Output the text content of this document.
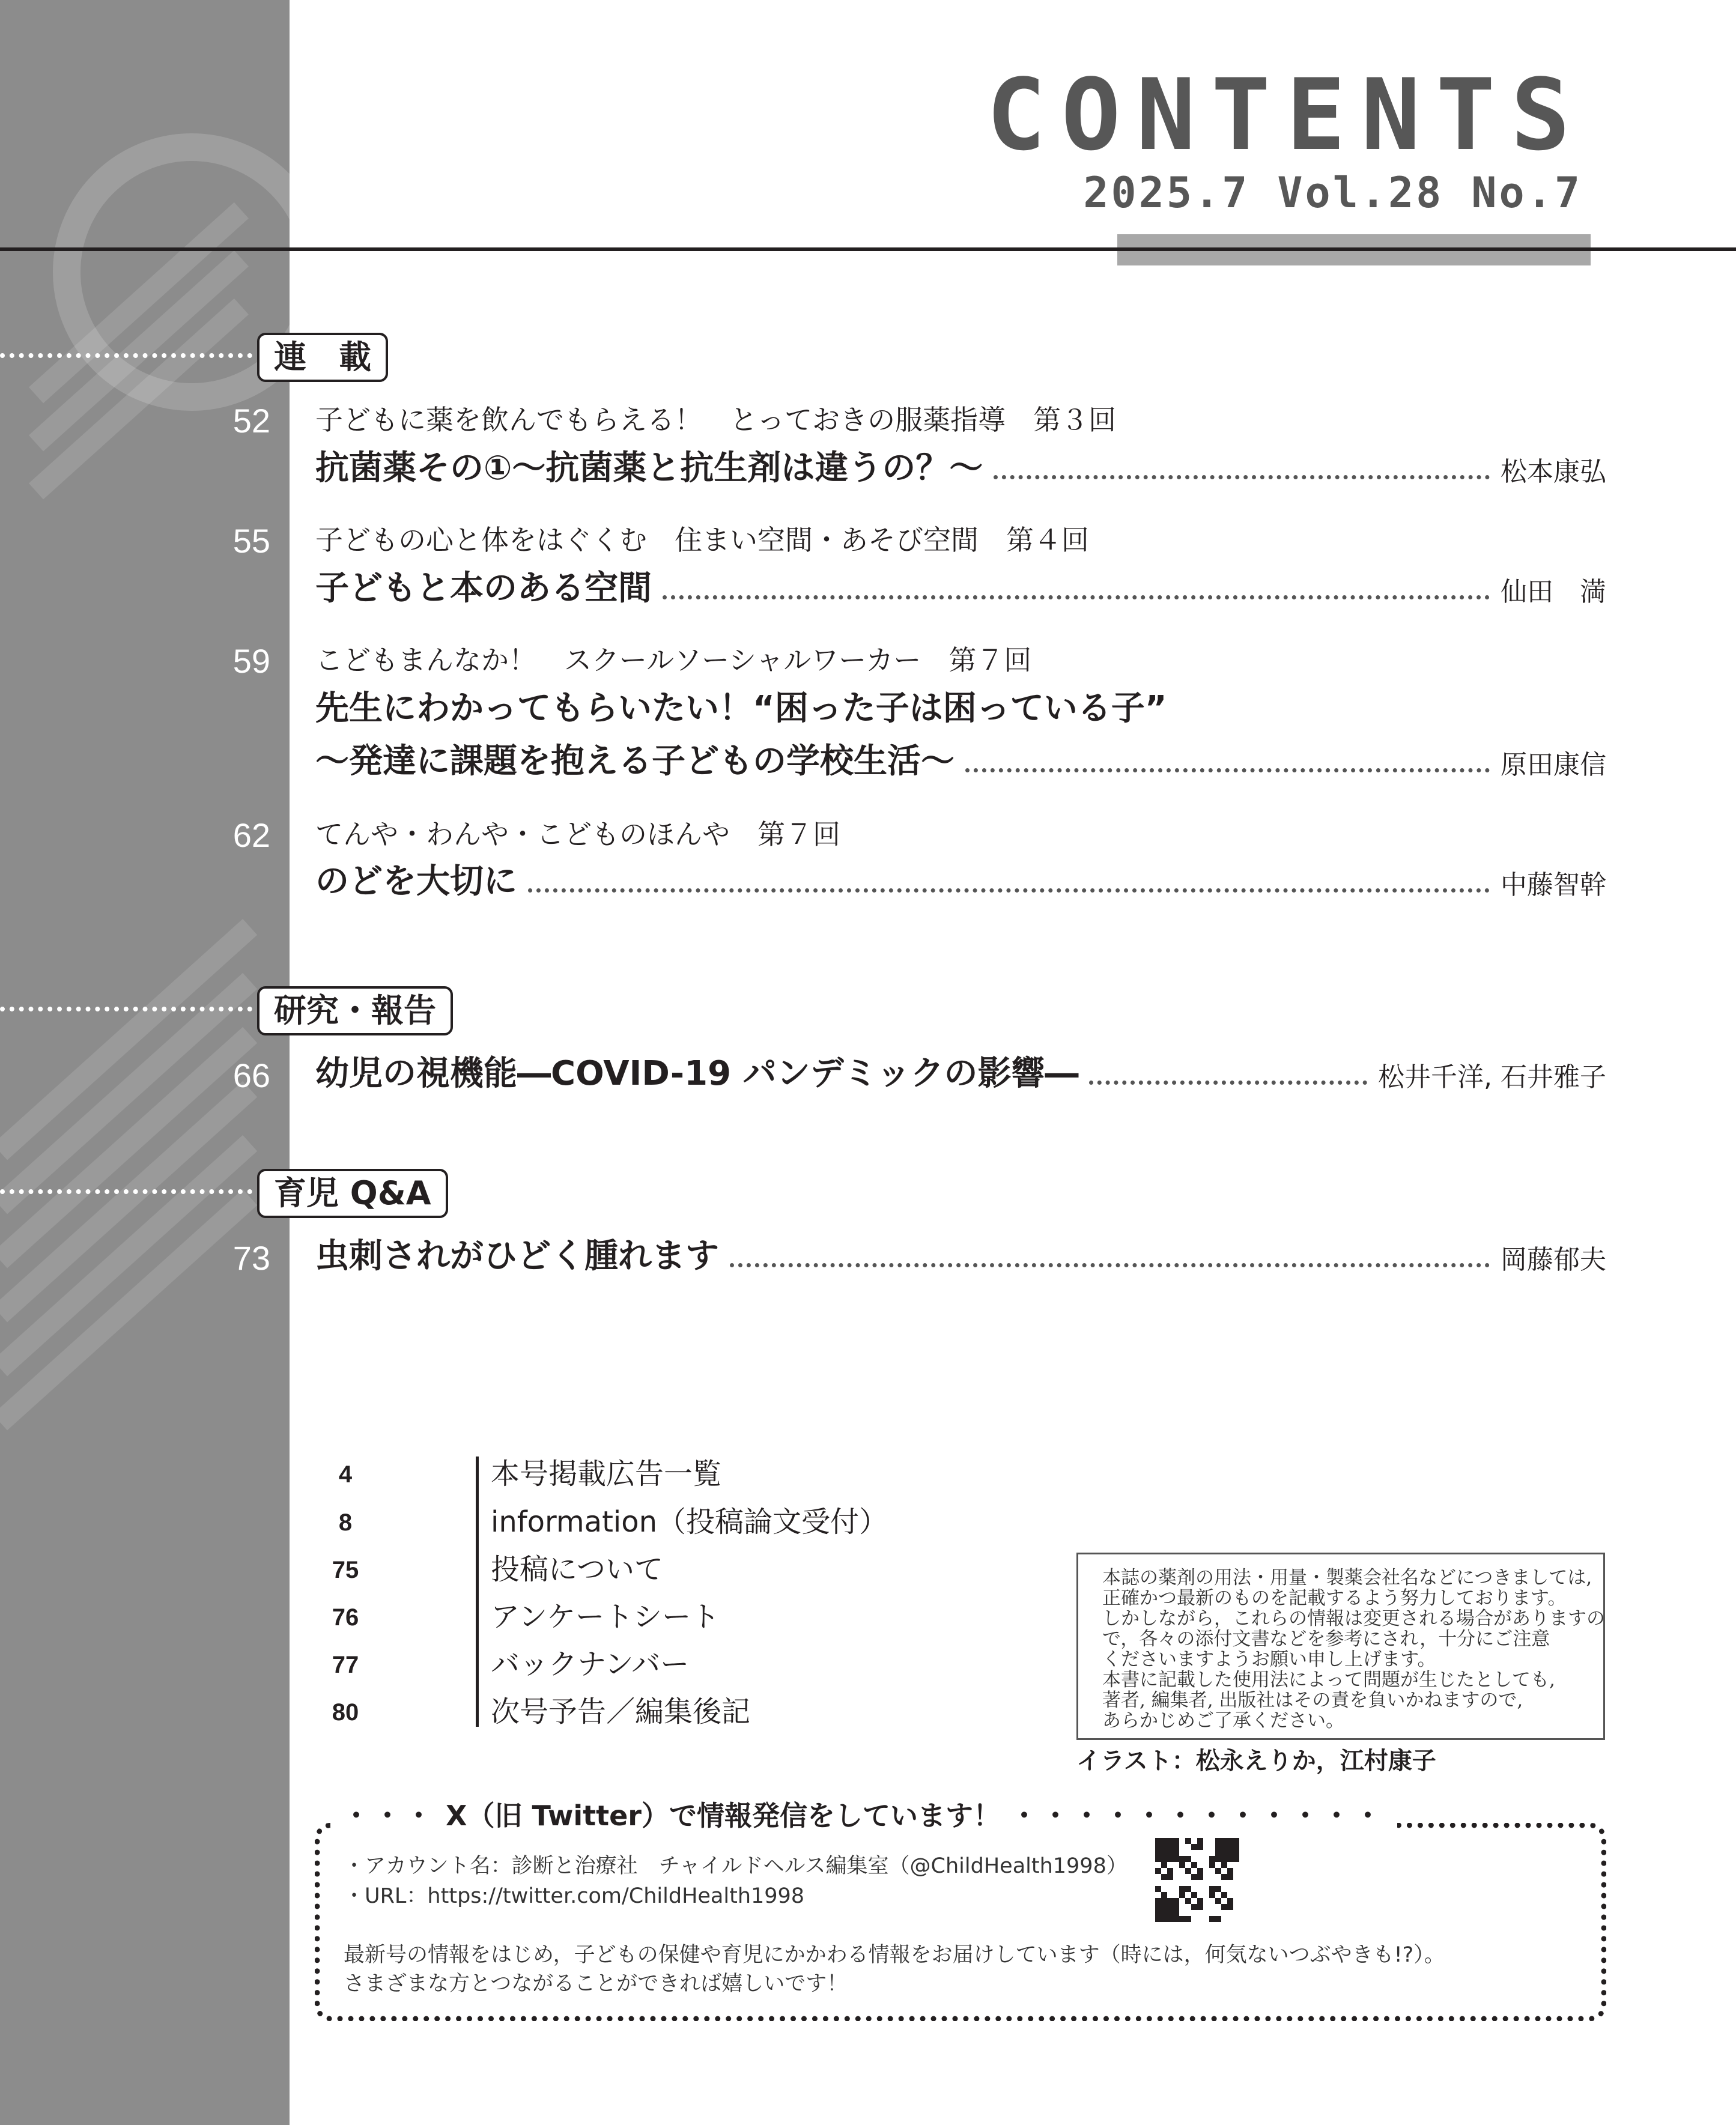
CONTENTS
2025.7 Vol.28 No.7
連　載
52 子どもに薬を飲んでもらえる！　とっておきの服薬指導　第３回
抗菌薬その①～抗菌薬と抗生剤は違うの？～	松本康弘
55 子どもの心と体をはぐくむ　住まい空間・あそび空間　第４回
子どもと本のある空間	仙田　満
59 こどもまんなか！　スクールソーシャルワーカー　第７回
先生にわかってもらいたい！“困った子は困っている子”
～発達に課題を抱える子どもの学校生活～	原田康信
62 てんや・わんや・こどものほんや　第７回
のどを大切に	中藤智幹
研究・報告
66 幼児の視機能―COVID-19 パンデミックの影響―	松井千洋, 石井雅子
育児 Q&A
73 虫刺されがひどく腫れます	岡藤郁夫
4	本号掲載広告一覧
8	information（投稿論文受付）
75	投稿について
76	アンケートシート
77	バックナンバー
80	次号予告／編集後記
本誌の薬剤の用法・用量・製薬会社名などにつきましては,
正確かつ最新のものを記載するよう努力しております。
しかしながら，これらの情報は変更される場合がありますの
で，各々の添付文書などを参考にされ，十分にご注意
くださいますようお願い申し上げます。
本書に記載した使用法によって問題が生じたとしても,
著者, 編集者, 出版社はその責を負いかねますので,
あらかじめご了承ください。
イラスト：松永えりか，江村康子
・・・ X（旧 Twitter）で情報発信をしています！ ・・・・・・・・・・・・
・アカウント名：診断と治療社　チャイルドヘルス編集室（@ChildHealth1998）
・URL：https://twitter.com/ChildHealth1998
最新号の情報をはじめ，子どもの保健や育児にかかわる情報をお届けしています（時には，何気ないつぶやきも!?）。
さまざまな方とつながることができれば嬉しいです！
